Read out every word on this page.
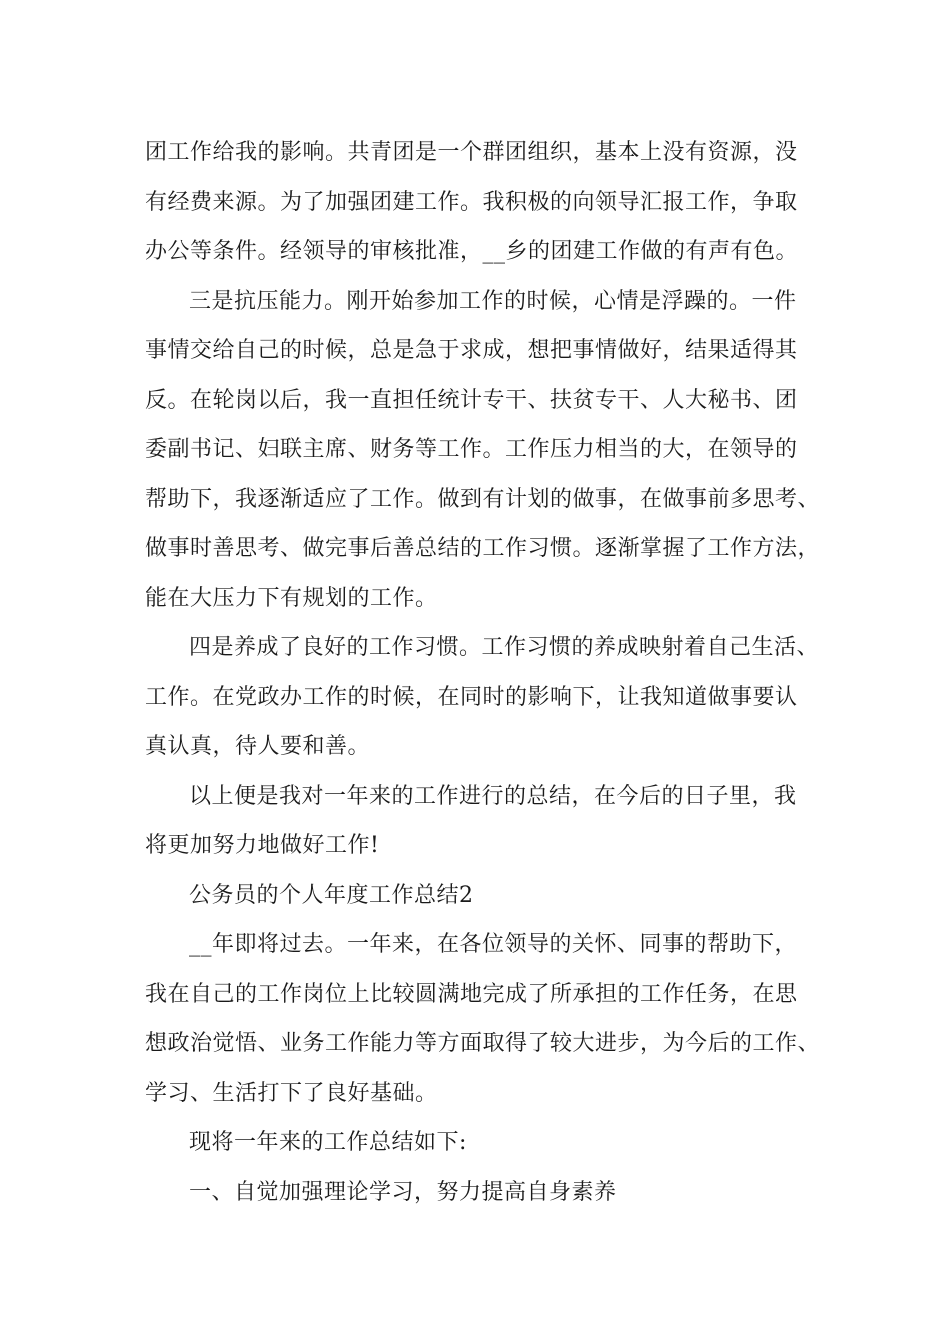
团工作给我的影响。共青团是一个群团组织，基本上没有资源，没
有经费来源。为了加强团建工作。我积极的向领导汇报工作，争取
办公等条件。经领导的审核批准，__乡的团建工作做的有声有色。
三是抗压能力。刚开始参加工作的时候，心情是浮躁的。一件
事情交给自己的时候，总是急于求成，想把事情做好，结果适得其
反。在轮岗以后，我一直担任统计专干、扶贫专干、人大秘书、团
委副书记、妇联主席、财务等工作。工作压力相当的大，在领导的
帮助下，我逐渐适应了工作。做到有计划的做事，在做事前多思考、
做事时善思考、做完事后善总结的工作习惯。逐渐掌握了工作方法，
能在大压力下有规划的工作。
四是养成了良好的工作习惯。工作习惯的养成映射着自己生活、
工作。在党政办工作的时候，在同时的影响下，让我知道做事要认
真认真，待人要和善。
以上便是我对一年来的工作进行的总结，在今后的日子里，我
将更加努力地做好工作!
公务员的个人年度工作总结2
__年即将过去。一年来，在各位领导的关怀、同事的帮助下，
我在自己的工作岗位上比较圆满地完成了所承担的工作任务，在思
想政治觉悟、业务工作能力等方面取得了较大进步，为今后的工作、
学习、生活打下了良好基础。
现将一年来的工作总结如下:
一、自觉加强理论学习，努力提高自身素养
